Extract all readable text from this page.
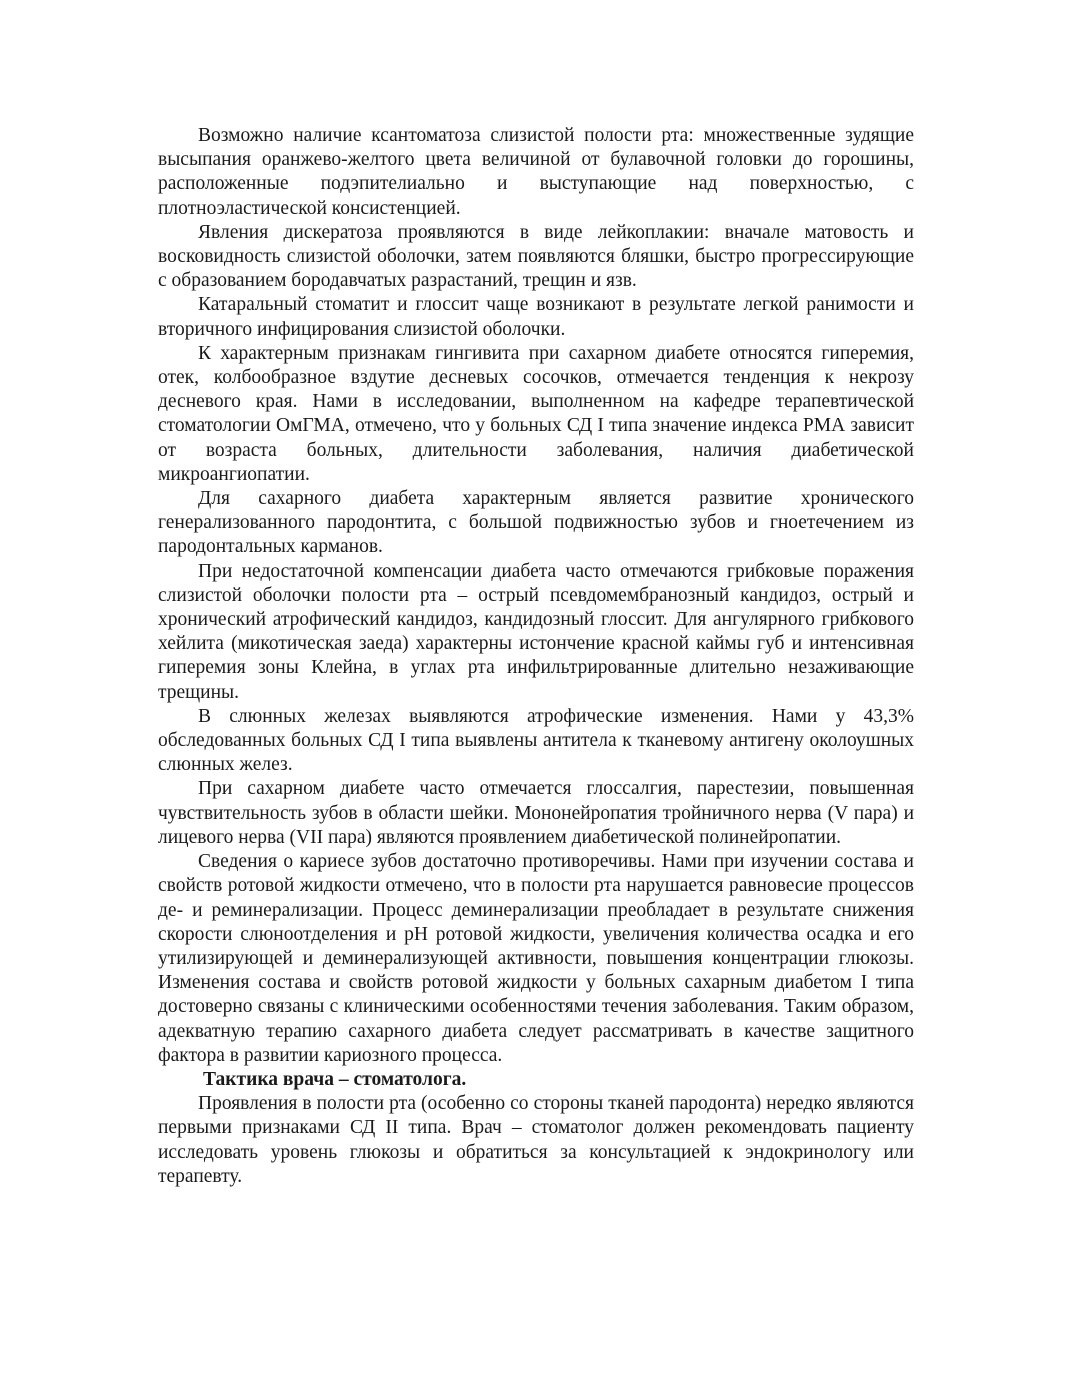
Возможно наличие ксантоматоза слизистой полости рта: множественные зудящие высыпания оранжево-желтого цвета величиной от булавочной головки до горошины, расположенные подэпителиально и выступающие над поверхностью, с плотноэластической консистенцией.

Явления дискератоза проявляются в виде лейкоплакии: вначале матовость и восковидность слизистой оболочки, затем появляются бляшки, быстро прогрессирующие с образованием бородавчатых разрастаний, трещин и язв.

Катаральный стоматит и глоссит чаще возникают в результате легкой ранимости и вторичного инфицирования слизистой оболочки.

К характерным признакам гингивита при сахарном диабете относятся гиперемия, отек, колбообразное вздутие десневых сосочков, отмечается тенденция к некрозу десневого края. Нами в исследовании, выполненном на кафедре терапевтической стоматологии ОмГМА, отмечено, что у больных СД I типа значение индекса РМА зависит от возраста больных, длительности заболевания, наличия диабетической микроангиопатии.

Для сахарного диабета характерным является развитие хронического генерализованного пародонтита, с большой подвижностью зубов и гноетечением из пародонтальных карманов.

При недостаточной компенсации диабета часто отмечаются грибковые поражения слизистой оболочки полости рта – острый псевдомембранозный кандидоз, острый и хронический атрофический кандидоз, кандидозный глоссит. Для ангулярного грибкового хейлита (микотическая заеда) характерны истончение красной каймы губ и интенсивная гиперемия зоны Клейна, в углах рта инфильтрированные длительно незаживающие трещины.

В слюнных железах выявляются атрофические изменения. Нами у 43,3% обследованных больных СД I типа выявлены антитела к тканевому антигену околоушных слюнных желез.

При сахарном диабете часто отмечается глоссалгия, парестезии, повышенная чувствительность зубов в области шейки. Мононейропатия тройничного нерва (V пара) и лицевого нерва (VII пара) являются проявлением диабетической полинейропатии.

Сведения о кариесе зубов достаточно противоречивы. Нами при изучении состава и свойств ротовой жидкости отмечено, что в полости рта нарушается равновесие процессов де- и реминерализации. Процесс деминерализации преобладает в результате снижения скорости слюноотделения и pH ротовой жидкости, увеличения количества осадка и его утилизирующей и деминерализующей активности, повышения концентрации глюкозы. Изменения состава и свойств ротовой жидкости у больных сахарным диабетом I типа достоверно связаны с клиническими особенностями течения заболевания. Таким образом, адекватную терапию сахарного диабета следует рассматривать в качестве защитного фактора в развитии кариозного процесса.

Тактика врача – стоматолога.

Проявления в полости рта (особенно со стороны тканей пародонта) нередко являются первыми признаками СД II типа. Врач – стоматолог должен рекомендовать пациенту исследовать уровень глюкозы и обратиться за консультацией к эндокринологу или терапевту.
